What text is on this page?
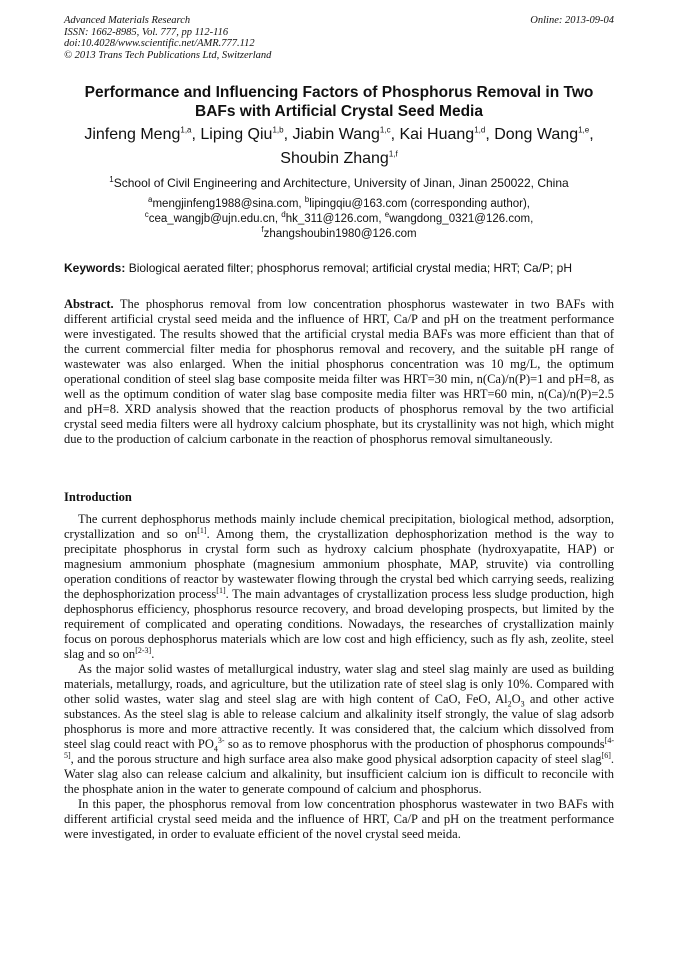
Advanced Materials Research
ISSN: 1662-8985, Vol. 777, pp 112-116
doi:10.4028/www.scientific.net/AMR.777.112
© 2013 Trans Tech Publications Ltd, Switzerland
Online: 2013-09-04
Performance and Influencing Factors of Phosphorus Removal in Two
BAFs with Artificial Crystal Seed Media
Jinfeng Meng$^{1,a}$, Liping Qiu$^{1,b}$, Jiabin Wang$^{1,c}$, Kai Huang$^{1,d}$, Dong Wang$^{1,e}$,
Shoubin Zhang$^{1,f}$
$^1$School of Civil Engineering and Architecture, University of Jinan, Jinan 250022, China
$^a$mengjinfeng1988@sina.com, $^b$lipingqiu@163.com (corresponding author),
$^c$cea_wangjb@ujn.edu.cn, $^d$hk_311@126.com, $^e$wangdong_0321@126.com,
$^f$zhangshoubin1980@126.com
Keywords: Biological aerated filter; phosphorus removal; artificial crystal media; HRT; Ca/P; pH
Abstract. The phosphorus removal from low concentration phosphorus wastewater in two BAFs with different artificial crystal seed meida and the influence of HRT, Ca/P and pH on the treatment performance were investigated. The results showed that the artificial crystal media BAFs was more efficient than that of the current commercial filter media for phosphorus removal and recovery, and the suitable pH range of wastewater was also enlarged. When the initial phosphorus concentration was 10 mg/L, the optimum operational condition of steel slag base composite meida filter was HRT=30 min, n(Ca)/n(P)=1 and pH=8, as well as the optimum condition of water slag base composite media filter was HRT=60 min, n(Ca)/n(P)=2.5 and pH=8. XRD analysis showed that the reaction products of phosphorus removal by the two artificial crystal seed media filters were all hydroxy calcium phosphate, but its crystallinity was not high, which might due to the production of calcium carbonate in the reaction of phosphorus removal simultaneously.
Introduction

The current dephosphorus methods mainly include chemical precipitation, biological method, adsorption, crystallization and so on[1]. Among them, the crystallization dephosphorization method is the way to precipitate phosphorus in crystal form such as hydroxy calcium phosphate (hydroxyapatite, HAP) or magnesium ammonium phosphate (magnesium ammonium phosphate, MAP, struvite) via controlling operation conditions of reactor by wastewater flowing through the crystal bed which carrying seeds, realizing the dephosphorization process[1]. The main advantages of crystallization process less sludge production, high dephosphorus efficiency, phosphorus resource recovery, and broad developing prospects, but limited by the requirement of complicated and operating conditions. Nowadays, the researches of crystallization mainly focus on porous dephosphorus materials which are low cost and high efficiency, such as fly ash, zeolite, steel slag and so on[2-3].

As the major solid wastes of metallurgical industry, water slag and steel slag mainly are used as building materials, metallurgy, roads, and agriculture, but the utilization rate of steel slag is only 10%. Compared with other solid wastes, water slag and steel slag are with high content of CaO, FeO, $Al_2O_3$ and other active substances. As the steel slag is able to release calcium and alkalinity itself strongly, the value of slag adsorb phosphorus is more and more attractive recently. It was considered that, the calcium which dissolved from steel slag could react with $PO_4^{3-}$ so as to remove phosphorus with the production of phosphorus compounds[4-5], and the porous structure and high surface area also make good physical adsorption capacity of steel slag[6]. Water slag also can release calcium and alkalinity, but insufficient calcium ion is difficult to reconcile with the phosphate anion in the water to generate compound of calcium and phosphorus.

In this paper, the phosphorus removal from low concentration phosphorus wastewater in two BAFs with different artificial crystal seed meida and the influence of HRT, Ca/P and pH on the treatment performance were investigated, in order to evaluate efficient of the novel crystal seed meida.
